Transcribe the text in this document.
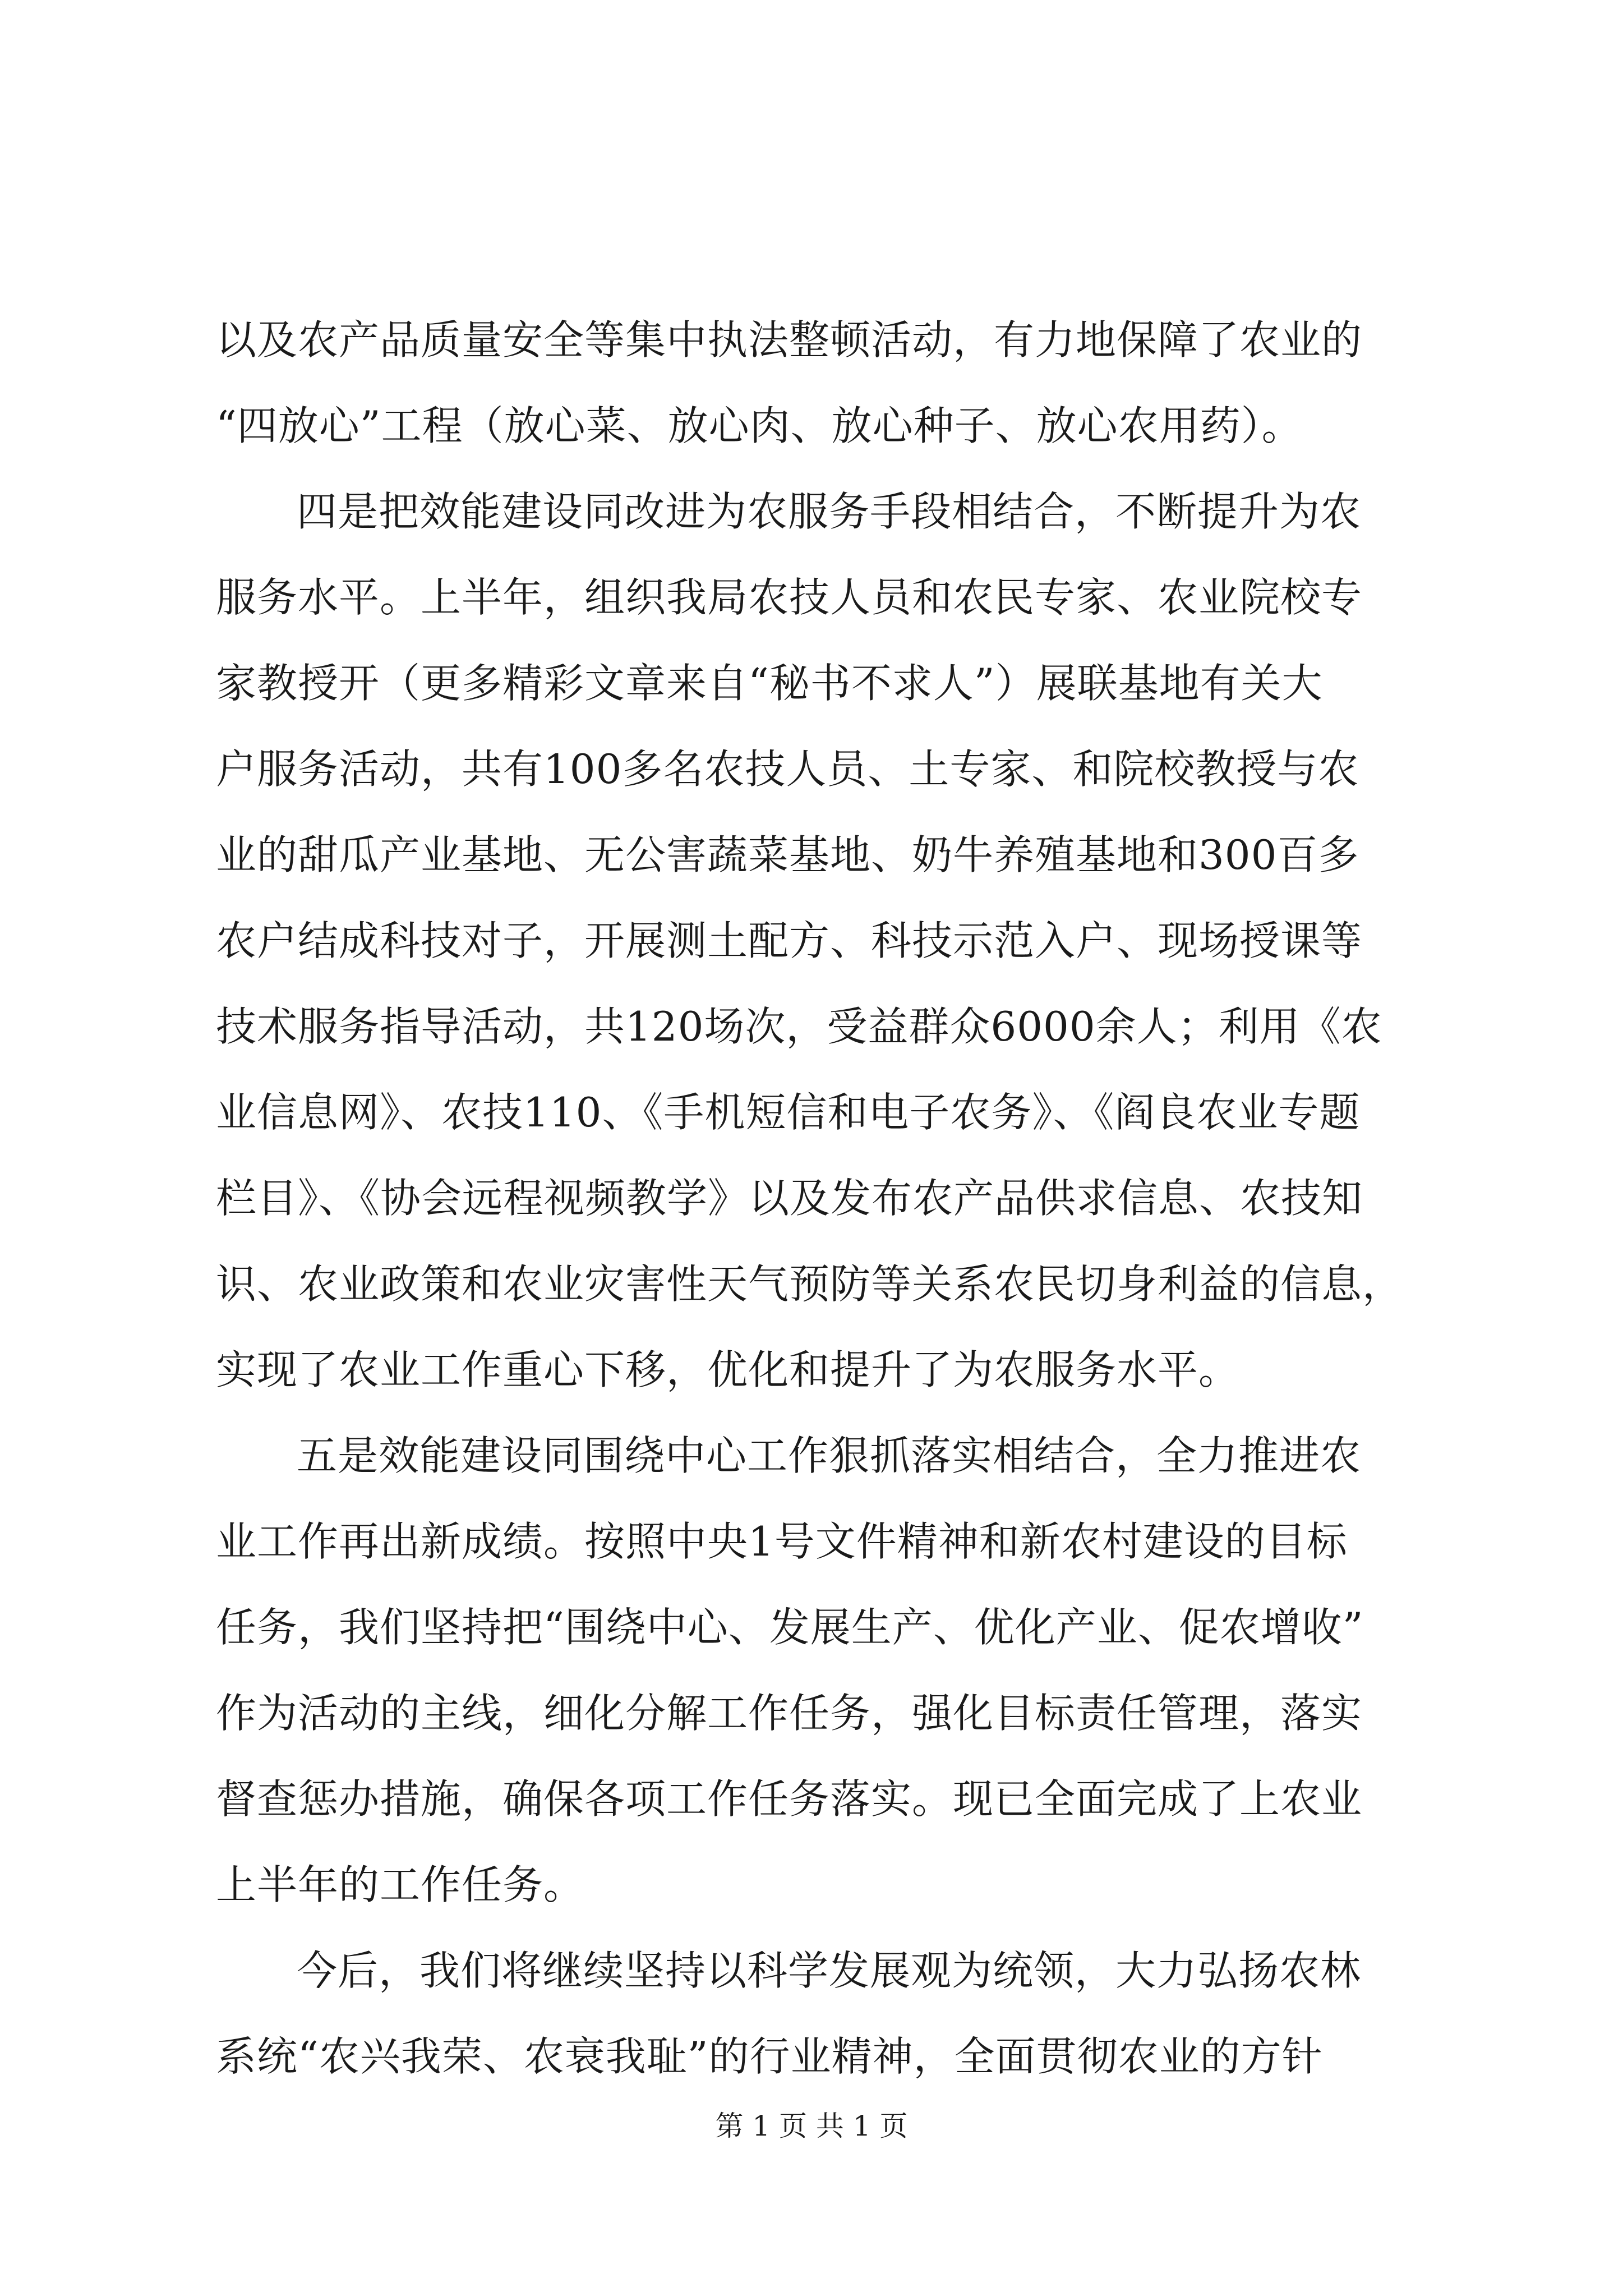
以及农产品质量安全等集中执法整顿活动，有力地保障了农业的
“四放心”工程（放心菜、放心肉、放心种子、放心农用药）。
四是把效能建设同改进为农服务手段相结合，不断提升为农
服务水平。上半年，组织我局农技人员和农民专家、农业院校专
家教授开（更多精彩文章来自“秘书不求人”）展联基地有关大
户服务活动，共有100多名农技人员、土专家、和院校教授与农
业的甜瓜产业基地、无公害蔬菜基地、奶牛养殖基地和300百多
农户结成科技对子，开展测土配方、科技示范入户、现场授课等
技术服务指导活动，共120场次，受益群众6000余人；利用《农
业信息网》、农技110、《手机短信和电子农务》、《阎良农业专题
栏目》、《协会远程视频教学》以及发布农产品供求信息、农技知
识、农业政策和农业灾害性天气预防等关系农民切身利益的信息，
实现了农业工作重心下移，优化和提升了为农服务水平。
五是效能建设同围绕中心工作狠抓落实相结合，全力推进农
业工作再出新成绩。按照中央1号文件精神和新农村建设的目标
任务，我们坚持把“围绕中心、发展生产、优化产业、促农增收”
作为活动的主线，细化分解工作任务，强化目标责任管理，落实
督查惩办措施，确保各项工作任务落实。现已全面完成了上农业
上半年的工作任务。
今后，我们将继续坚持以科学发展观为统领，大力弘扬农林
系统“农兴我荣、农衰我耻”的行业精神，全面贯彻农业的方针
第 1 页 共 1 页
